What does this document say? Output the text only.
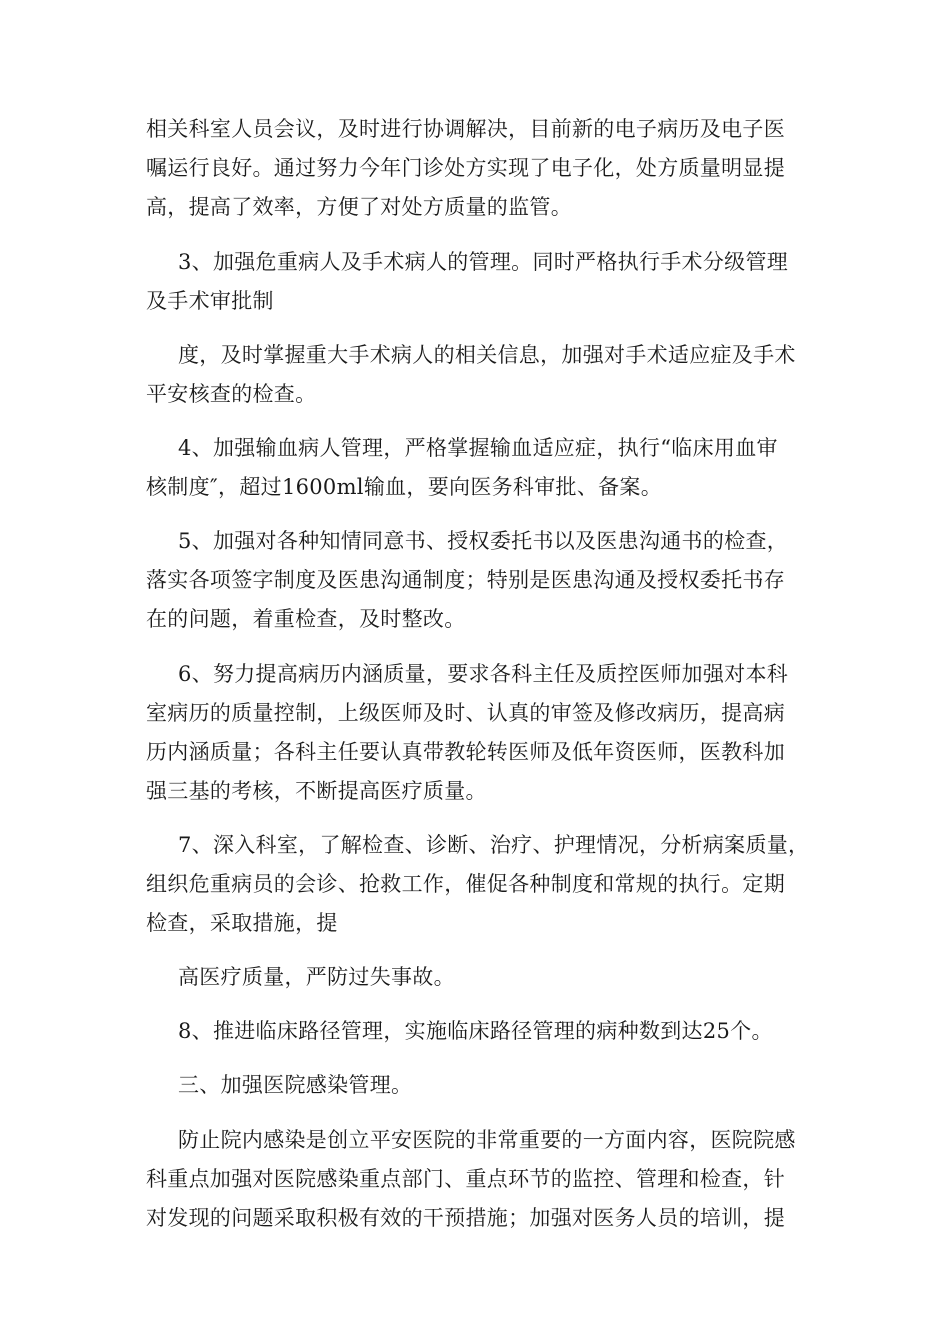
相关科室人员会议，及时进行协调解决，目前新的电子病历及电子医
嘱运行良好。通过努力今年门诊处方实现了电子化，处方质量明显提
高，提高了效率，方便了对处方质量的监管。
3、加强危重病人及手术病人的管理。同时严格执行手术分级管理
及手术审批制
度，及时掌握重大手术病人的相关信息，加强对手术适应症及手术
平安核查的检查。
4、加强输血病人管理，严格掌握输血适应症，执行“临床用血审
核制度″，超过1600ml输血，要向医务科审批、备案。
5、加强对各种知情同意书、授权委托书以及医患沟通书的检查，
落实各项签字制度及医患沟通制度；特别是医患沟通及授权委托书存
在的问题，着重检查，及时整改。
6、努力提高病历内涵质量，要求各科主任及质控医师加强对本科
室病历的质量控制，上级医师及时、认真的审签及修改病历，提高病
历内涵质量；各科主任要认真带教轮转医师及低年资医师，医教科加
强三基的考核，不断提高医疗质量。
7、深入科室，了解检查、诊断、治疗、护理情况，分析病案质量，
组织危重病员的会诊、抢救工作，催促各种制度和常规的执行。定期
检查，采取措施，提
高医疗质量，严防过失事故。
8、推进临床路径管理，实施临床路径管理的病种数到达25个。
三、加强医院感染管理。
防止院内感染是创立平安医院的非常重要的一方面内容，医院院感
科重点加强对医院感染重点部门、重点环节的监控、管理和检查，针
对发现的问题采取积极有效的干预措施；加强对医务人员的培训，提
